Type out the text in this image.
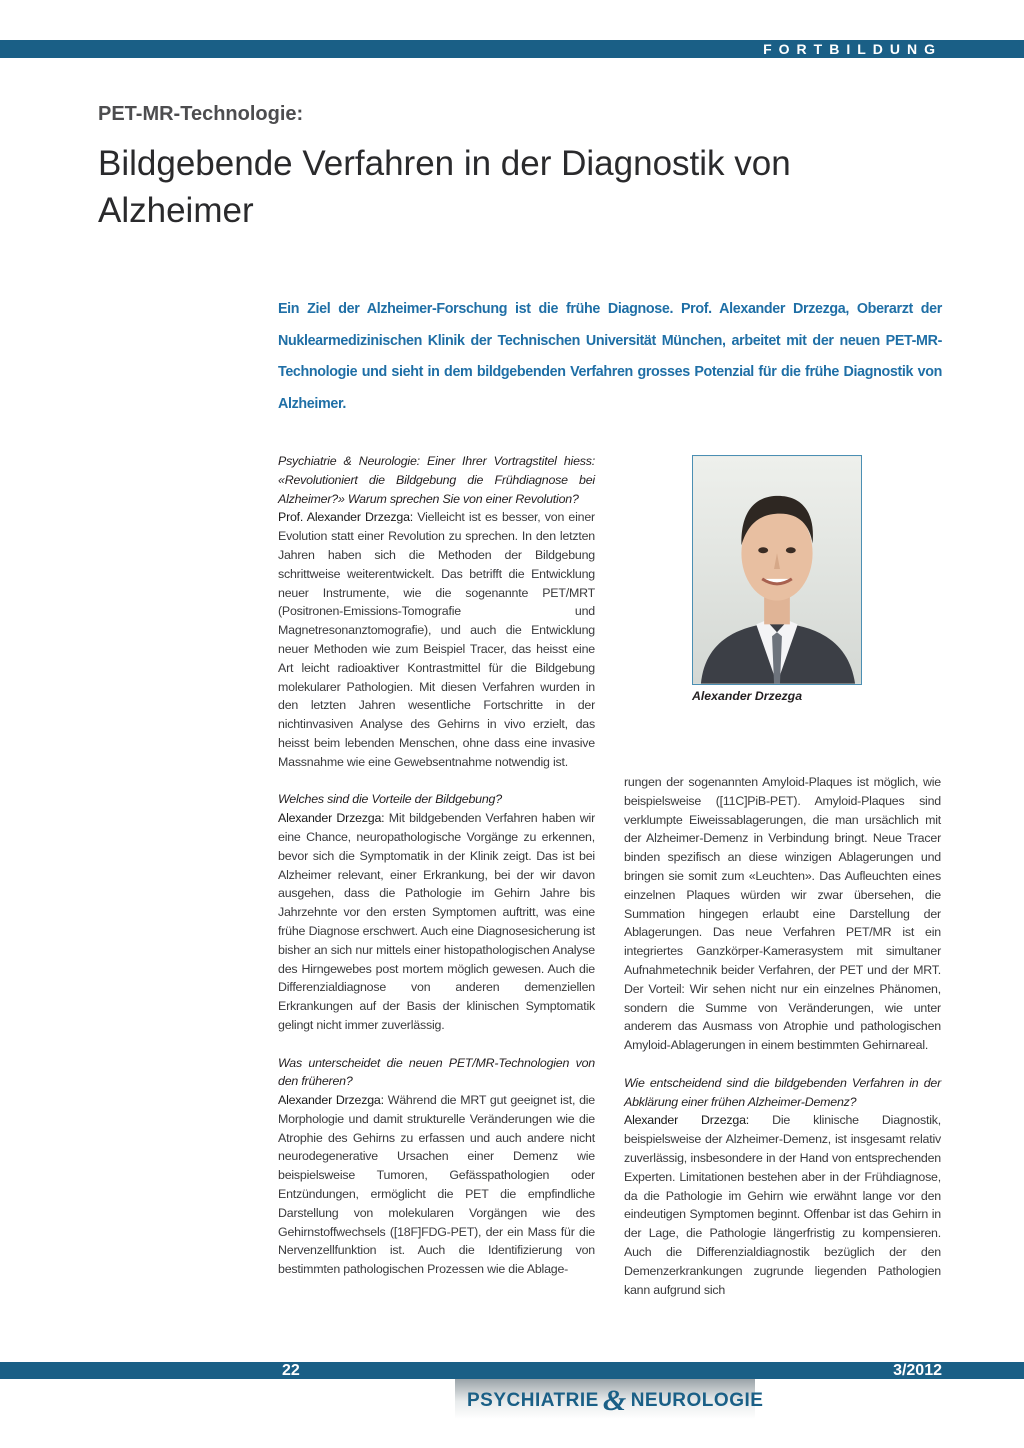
FORTBILDUNG
PET-MR-Technologie:
Bildgebende Verfahren in der Diagnostik von Alzheimer

Ein Ziel der Alzheimer-Forschung ist die frühe Diagnose. Prof. Alexander Drzezga, Oberarzt der Nuklearmedizinischen Klinik der Technischen Universität München, arbeitet mit der neuen PET-MR-Technologie und sieht in dem bildgebenden Verfahren grosses Potenzial für die frühe Diagnostik von Alzheimer.

Psychiatrie & Neurologie: Einer Ihrer Vortragstitel hiess: «Revolutioniert die Bildgebung die Frühdiagnose bei Alzheimer?» Warum sprechen Sie von einer Revolution?
Prof. Alexander Drzezga: Vielleicht ist es besser, von einer Evolution statt einer Revolution zu sprechen. In den letzten Jahren haben sich die Methoden der Bildgebung schrittweise weiterentwickelt. Das betrifft die Entwicklung neuer Instrumente, wie die sogenannte PET/MRT (Positronen-Emissions-Tomografie und Magnetresonanztomografie), und auch die Entwicklung neuer Methoden wie zum Beispiel Tracer, das heisst eine Art leicht radioaktiver Kontrastmittel für die Bildgebung molekularer Pathologien. Mit diesen Verfahren wurden in den letzten Jahren wesentliche Fortschritte in der nichtinvasiven Analyse des Gehirns in vivo erzielt, das heisst beim lebenden Menschen, ohne dass eine invasive Massnahme wie eine Gewebsentnahme notwendig ist.

Welches sind die Vorteile der Bildgebung?
Alexander Drzezga: Mit bildgebenden Verfahren haben wir eine Chance, neuropathologische Vorgänge zu erkennen, bevor sich die Symptomatik in der Klinik zeigt. Das ist bei Alzheimer relevant, einer Erkrankung, bei der wir davon ausgehen, dass die Pathologie im Gehirn Jahre bis Jahrzehnte vor den ersten Symptomen auftritt, was eine frühe Diagnose erschwert. Auch eine Diagnosesicherung ist bisher an sich nur mittels einer histopathologischen Analyse des Hirngewebes post mortem möglich gewesen. Auch die Differenzialdiagnose von anderen demenziellen Erkrankungen auf der Basis der klinischen Symptomatik gelingt nicht immer zuverlässig.

Was unterscheidet die neuen PET/MR-Technologien von den früheren?
Alexander Drzezga: Während die MRT gut geeignet ist, die Morphologie und damit strukturelle Veränderungen wie die Atrophie des Gehirns zu erfassen und auch andere nicht neurodegenerative Ursachen einer Demenz wie beispielsweise Tumoren, Gefässpathologien oder Entzündungen, ermöglicht die PET die empfindliche Darstellung von molekularen Vorgängen wie des Gehirnstoffwechsels ([18F]FDG-PET), der ein Mass für die Nervenzellfunktion ist. Auch die Identifizierung von bestimmten pathologischen Prozessen wie die Ablage-

Alexander Drzezga

rungen der sogenannten Amyloid-Plaques ist möglich, wie beispielsweise ([11C]PiB-PET). Amyloid-Plaques sind verklumpte Eiweissablagerungen, die man ursächlich mit der Alzheimer-Demenz in Verbindung bringt. Neue Tracer binden spezifisch an diese winzigen Ablagerungen und bringen sie somit zum «Leuchten». Das Aufleuchten eines einzelnen Plaques würden wir zwar übersehen, die Summation hingegen erlaubt eine Darstellung der Ablagerungen. Das neue Verfahren PET/MR ist ein integriertes Ganzkörper-Kamerasystem mit simultaner Aufnahmetechnik beider Verfahren, der PET und der MRT. Der Vorteil: Wir sehen nicht nur ein einzelnes Phänomen, sondern die Summe von Veränderungen, wie unter anderem das Ausmass von Atrophie und pathologischen Amyloid-Ablagerungen in einem bestimmten Gehirnareal.

Wie entscheidend sind die bildgebenden Verfahren in der Abklärung einer frühen Alzheimer-Demenz?
Alexander Drzezga: Die klinische Diagnostik, beispielsweise der Alzheimer-Demenz, ist insgesamt relativ zuverlässig, insbesondere in der Hand von entsprechenden Experten. Limitationen bestehen aber in der Frühdiagnose, da die Pathologie im Gehirn wie erwähnt lange vor den eindeutigen Symptomen beginnt. Offenbar ist das Gehirn in der Lage, die Pathologie längerfristig zu kompensieren. Auch die Differenzialdiagnostik bezüglich der den Demenzerkrankungen zugrunde liegenden Pathologien kann aufgrund sich

22	3/2012
PSYCHIATRIE & NEUROLOGIE
